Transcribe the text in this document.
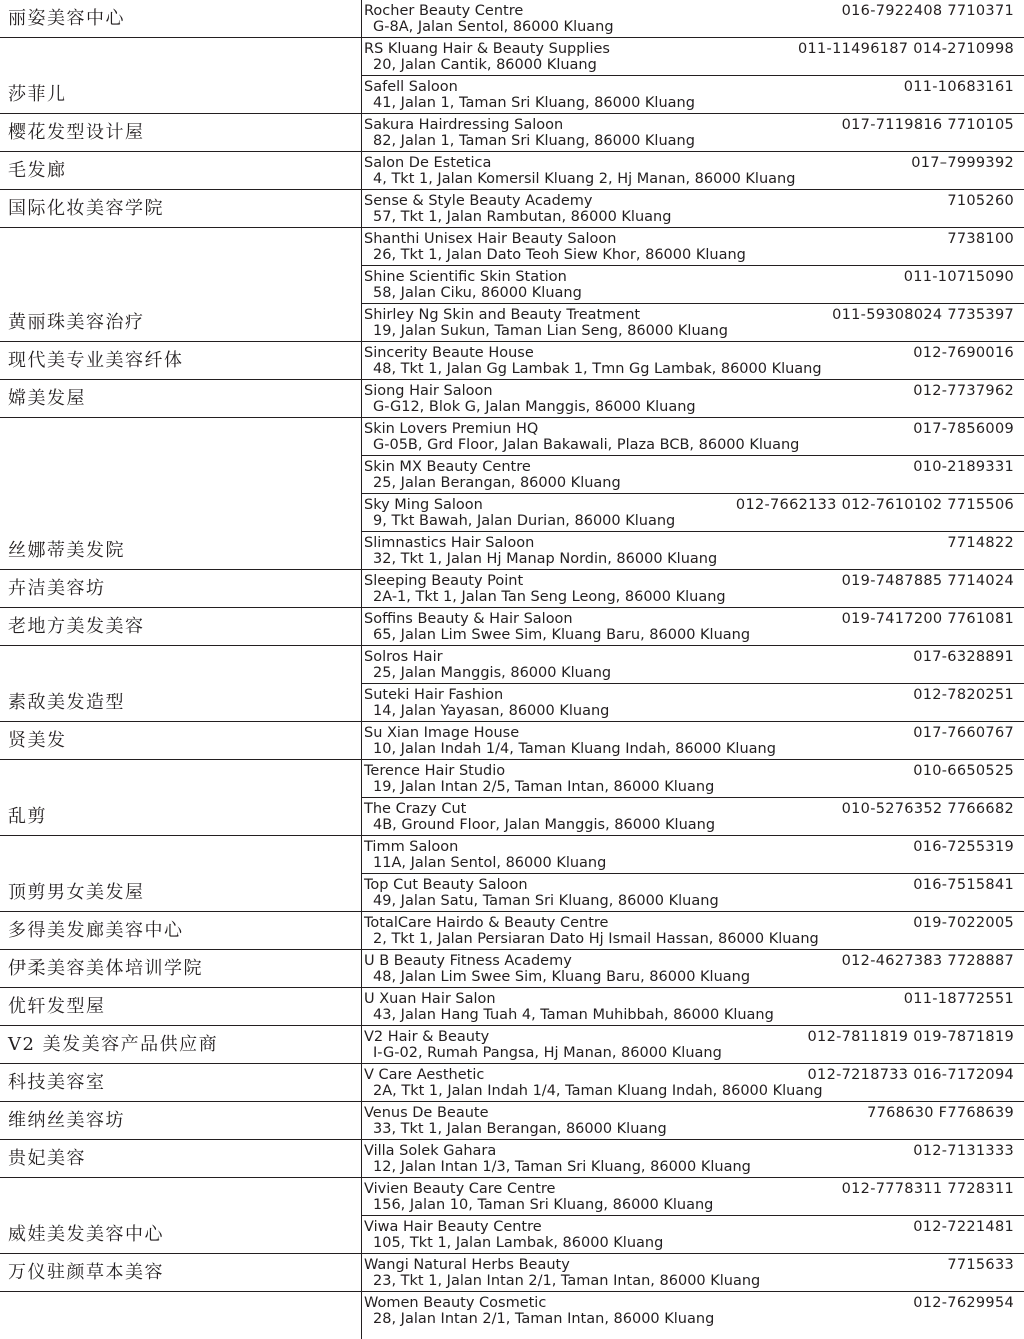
丽姿美容中心	Rocher Beauty Centre
G-8A, Jalan Sentol, 86000 Kluang
016-7922408 7710371
RS Kluang Hair & Beauty Supplies
20, Jalan Cantik, 86000 Kluang
011-11496187 014-2710998
莎菲儿	Safell Saloon
41, Jalan 1, Taman Sri Kluang, 86000 Kluang
011-10683161
樱花发型设计屋	Sakura Hairdressing Saloon
82, Jalan 1, Taman Sri Kluang, 86000 Kluang
017-7119816 7710105
毛发廊	Salon De Estetica
4, Tkt 1, Jalan Komersil Kluang 2, Hj Manan, 86000 Kluang
017–7999392
国际化妆美容学院	Sense & Style Beauty Academy
57, Tkt 1, Jalan Rambutan, 86000 Kluang
7105260
Shanthi Unisex Hair Beauty Saloon
26, Tkt 1, Jalan Dato Teoh Siew Khor, 86000 Kluang
7738100
Shine Scientific Skin Station
58, Jalan Ciku, 86000 Kluang
011-10715090
黄丽珠美容治疗	Shirley Ng Skin and Beauty Treatment
19, Jalan Sukun, Taman Lian Seng, 86000 Kluang
011-59308024 7735397
现代美专业美容纤体	Sincerity Beaute House
48, Tkt 1, Jalan Gg Lambak 1, Tmn Gg Lambak, 86000 Kluang
012-7690016
嫦美发屋	Siong Hair Saloon
G-G12, Blok G, Jalan Manggis, 86000 Kluang
012-7737962
Skin Lovers Premiun HQ
G-05B, Grd Floor, Jalan Bakawali, Plaza BCB, 86000 Kluang
017-7856009
Skin MX Beauty Centre
25, Jalan Berangan, 86000 Kluang
010-2189331
Sky Ming Saloon
9, Tkt Bawah, Jalan Durian, 86000 Kluang
012-7662133 012-7610102 7715506
丝娜蒂美发院	Slimnastics Hair Saloon
32, Tkt 1, Jalan Hj Manap Nordin, 86000 Kluang
7714822
卉洁美容坊	Sleeping Beauty Point
2A-1, Tkt 1, Jalan Tan Seng Leong, 86000 Kluang
019-7487885 7714024
老地方美发美容	Soffins Beauty & Hair Saloon
65, Jalan Lim Swee Sim, Kluang Baru, 86000 Kluang
019-7417200 7761081
Solros Hair
25, Jalan Manggis, 86000 Kluang
017-6328891
素敌美发造型	Suteki Hair Fashion
14, Jalan Yayasan, 86000 Kluang
012-7820251
贤美发	Su Xian Image House
10, Jalan Indah 1/4, Taman Kluang Indah, 86000 Kluang
017-7660767
Terence Hair Studio
19, Jalan Intan 2/5, Taman Intan, 86000 Kluang
010-6650525
乱剪	The Crazy Cut
4B, Ground Floor, Jalan Manggis, 86000 Kluang
010-5276352 7766682
Timm Saloon
11A, Jalan Sentol, 86000 Kluang
016-7255319
顶剪男女美发屋	Top Cut Beauty Saloon
49, Jalan Satu, Taman Sri Kluang, 86000 Kluang
016-7515841
多得美发廊美容中心	TotalCare Hairdo & Beauty Centre
2, Tkt 1, Jalan Persiaran Dato Hj Ismail Hassan, 86000 Kluang
019-7022005
伊柔美容美体培训学院	U B Beauty Fitness Academy
48, Jalan Lim Swee Sim, Kluang Baru, 86000 Kluang
012-4627383 7728887
优轩发型屋	U Xuan Hair Salon
43, Jalan Hang Tuah 4, Taman Muhibbah, 86000 Kluang
011-18772551
V2 美发美容产品供应商	V2 Hair & Beauty
I-G-02, Rumah Pangsa, Hj Manan, 86000 Kluang
012-7811819 019-7871819
科技美容室	V Care Aesthetic
2A, Tkt 1, Jalan Indah 1/4, Taman Kluang Indah, 86000 Kluang
012-7218733 016-7172094
维纳丝美容坊	Venus De Beaute
33, Tkt 1, Jalan Berangan, 86000 Kluang
7768630 F7768639
贵妃美容	Villa Solek Gahara
12, Jalan Intan 1/3, Taman Sri Kluang, 86000 Kluang
012-7131333
Vivien Beauty Care Centre
156, Jalan 10, Taman Sri Kluang, 86000 Kluang
012-7778311 7728311
威娃美发美容中心	Viwa Hair Beauty Centre
105, Tkt 1, Jalan Lambak, 86000 Kluang
012-7221481
万仪驻颜草本美容	Wangi Natural Herbs Beauty
23, Tkt 1, Jalan Intan 2/1, Taman Intan, 86000 Kluang
7715633
Women Beauty Cosmetic
28, Jalan Intan 2/1, Taman Intan, 86000 Kluang
012-7629954
